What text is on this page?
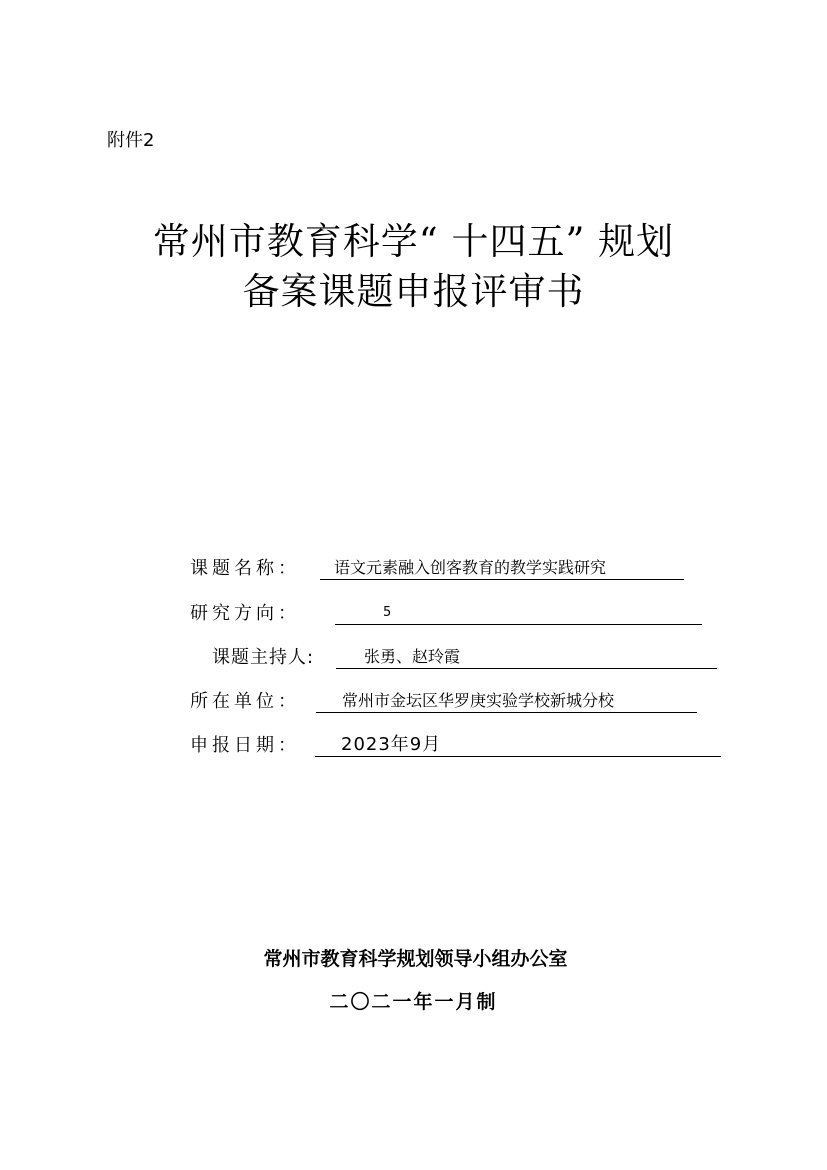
附件2
常州市教育科学“ 十四五” 规划
备案课题申报评审书
课题名称：	语文元素融入创客教育的教学实践研究
研究方向：	5
课题主持人:	张勇、赵玲霞
所在单位：	常州市金坛区华罗庚实验学校新城分校
申报日期：	2023年9月
常州市教育科学规划领导小组办公室
二〇二一年一月制
